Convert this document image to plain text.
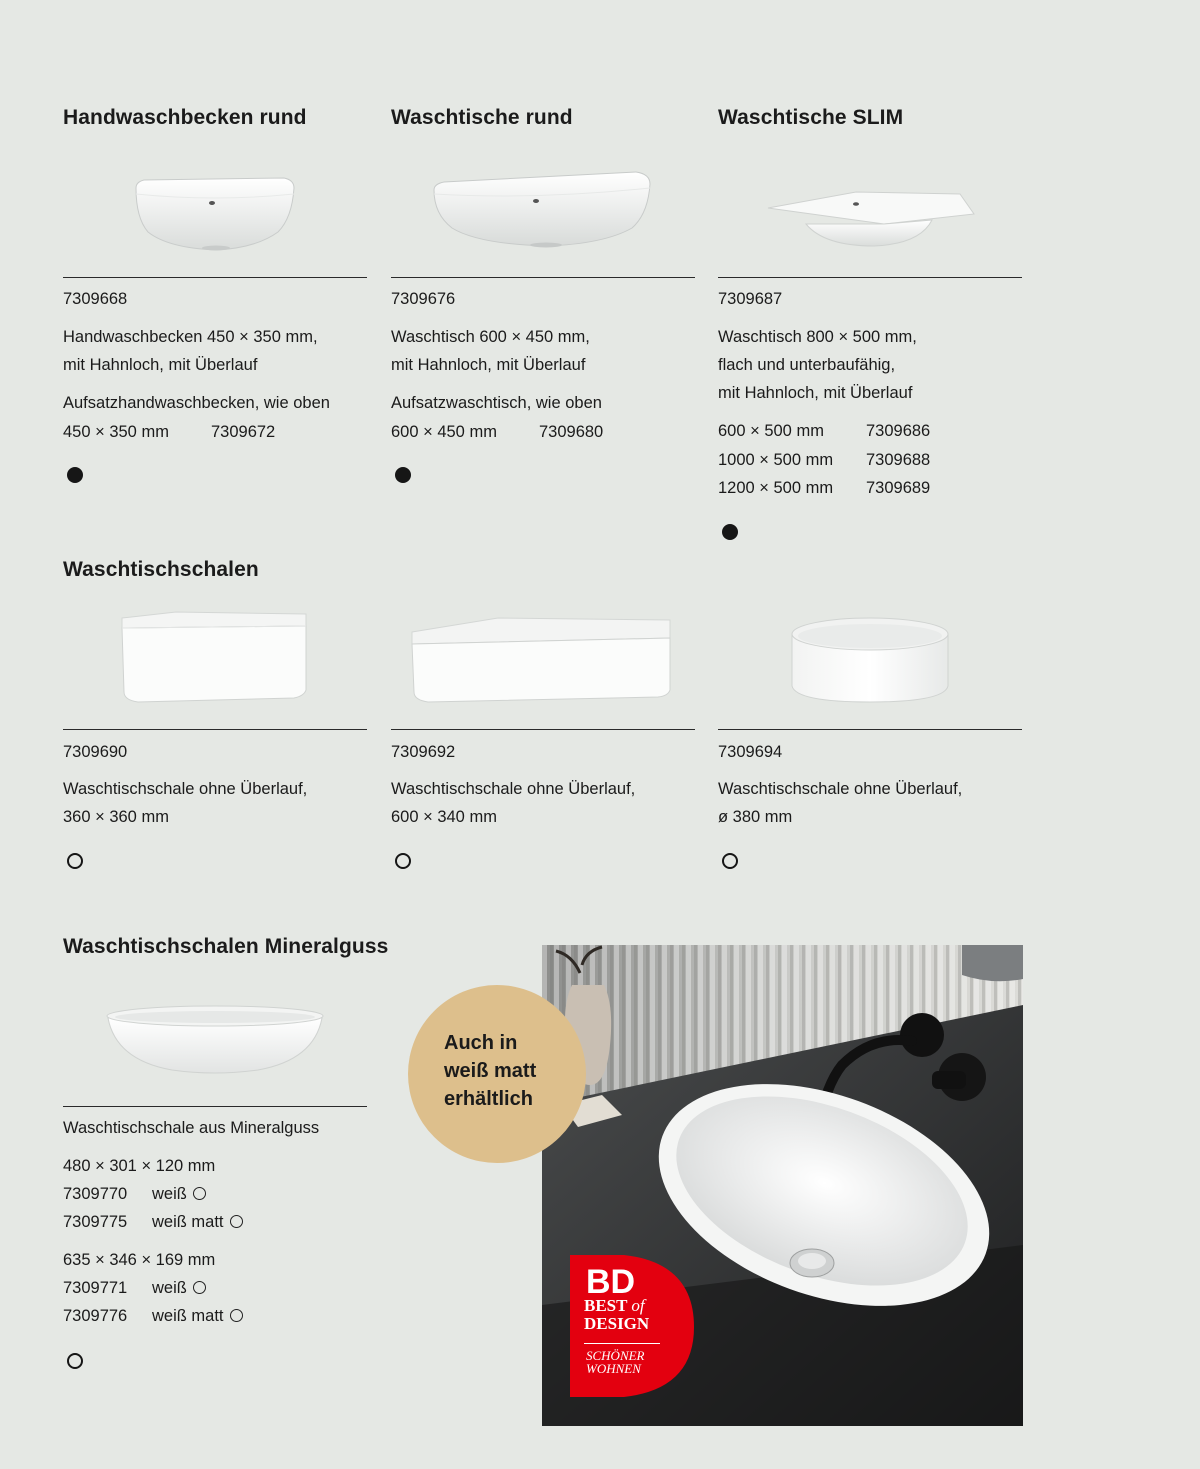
Handwaschbecken rund
7309668
Handwaschbecken 450 × 350 mm,
mit Hahnloch, mit Überlauf
Aufsatzhandwaschbecken, wie oben
450 × 350 mm	7309672
Waschtische rund
7309676
Waschtisch 600 × 450 mm,
mit Hahnloch, mit Überlauf
Aufsatzwaschtisch, wie oben
600 × 450 mm	7309680
Waschtische SLIM
7309687
Waschtisch 800 × 500 mm,
flach und unterbaufähig,
mit Hahnloch, mit Überlauf
600 × 500 mm	7309686
1000 × 500 mm 7309688
1200 × 500 mm 7309689
Waschtischschalen
7309690
Waschtischschale ohne Überlauf,
360 × 360 mm
7309692
Waschtischschale ohne Überlauf,
600 × 340 mm
7309694
Waschtischschale ohne Überlauf,
ø 380 mm
Waschtischschalen Mineralguss
Waschtischschale aus Mineralguss
480 × 301 × 120 mm
7309770 weiß
7309775 weiß matt
635 × 346 × 169 mm
7309771 weiß
7309776 weiß matt
BD
BEST of
DESIGN
SCHÖNER
WOHNEN
Auch in
weiß matt
erhältlich
